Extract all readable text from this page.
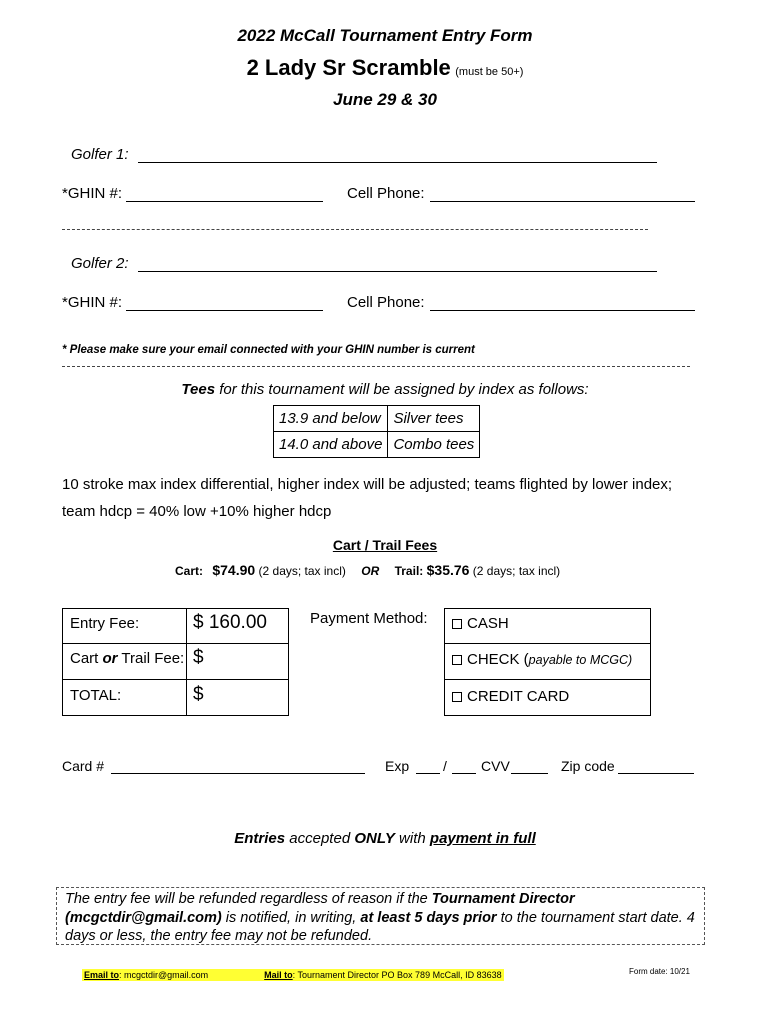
2022 McCall Tournament Entry Form
2 Lady Sr Scramble (must be 50+)
June 29 & 30
Golfer 1:
*GHIN #:	Cell Phone:
Golfer 2:
*GHIN #:	Cell Phone:
* Please make sure your email connected with your GHIN number is current
Tees for this tournament will be assigned by index as follows:
13.9 and below	Silver tees
14.0 and above	Combo tees
10 stroke max index differential, higher index will be adjusted; teams flighted by lower index;
team hdcp = 40% low +10% higher hdcp
Cart / Trail Fees
Cart: $74.90 (2 days; tax incl) OR Trail: $35.76 (2 days; tax incl)
Entry Fee:	$ 160.00
Cart or Trail Fee: $
TOTAL:	$
Payment Method:	CASH
CHECK (payable to MCGC)
CREDIT CARD
Card #	Exp / CVV	Zip code
Entries accepted ONLY with payment in full
The entry fee will be refunded regardless of reason if the Tournament Director (mcgctdir@gmail.com) is notified, in writing, at least 5 days prior to the tournament start date. 4 days or less, the entry fee may not be refunded.
Email to: mcgctdir@gmail.com	Mail to: Tournament Director PO Box 789 McCall, ID 83638	Form date: 10/21
